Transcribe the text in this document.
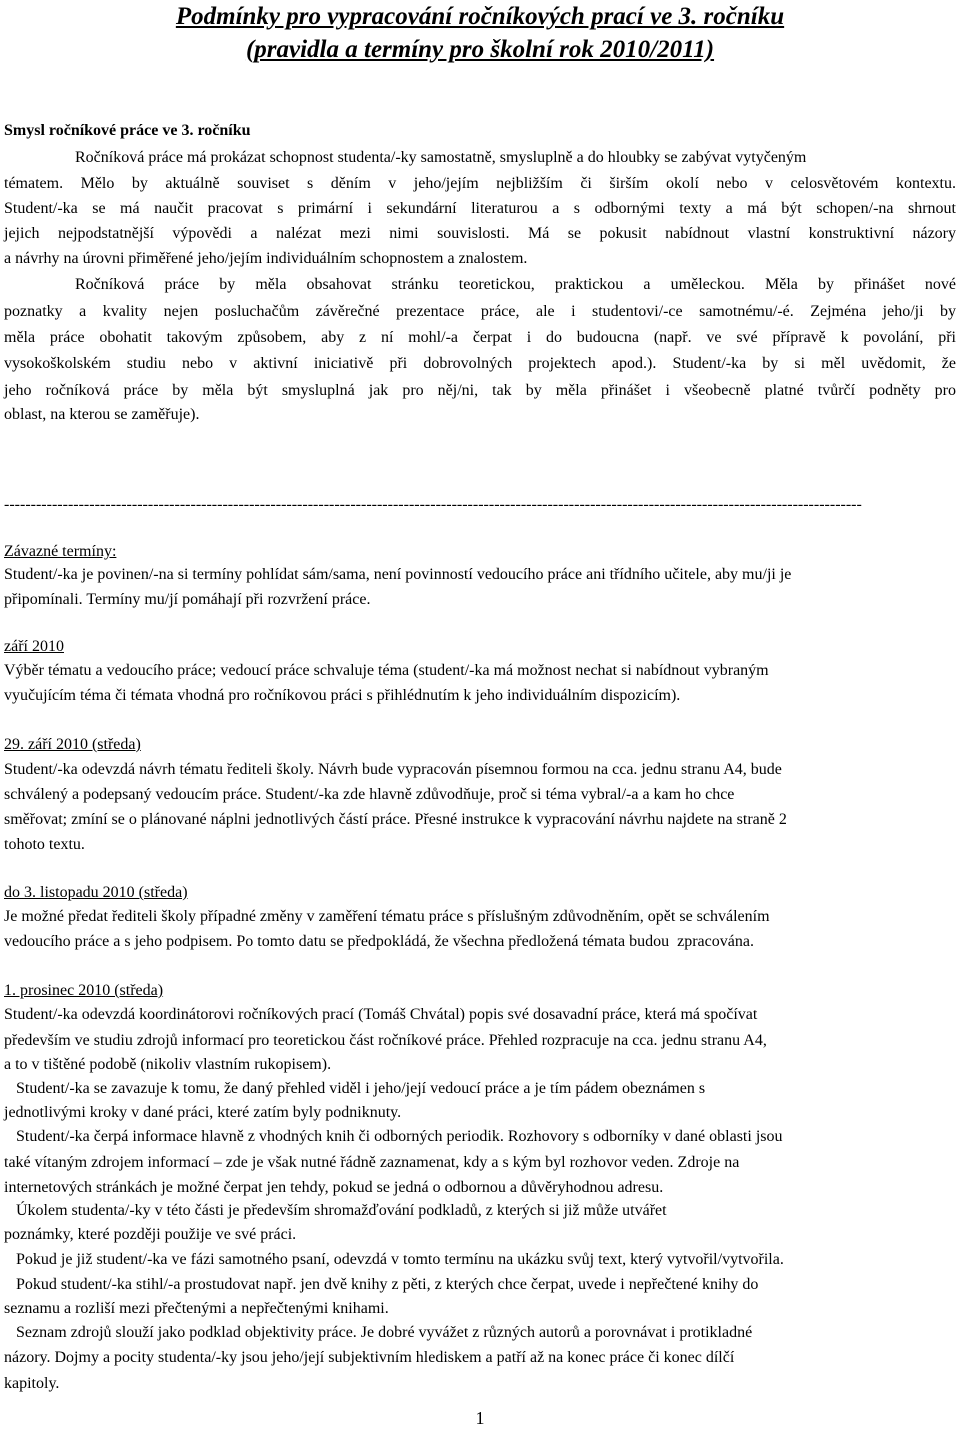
Podmínky pro vypracování ročníkových prací ve 3. ročníku
(pravidla a termíny pro školní rok 2010/2011)
Smysl ročníkové práce ve 3. ročníku
Ročníková práce má prokázat schopnost studenta/-ky samostatně, smysluplně a do hloubky se zabývat vytyčeným
tématem. Mělo by aktuálně souviset s děním v jeho/jejím nejbližším či širším okolí nebo v celosvětovém kontextu.
Student/-ka se má naučit pracovat s primární i sekundární literaturou a s odbornými texty a má být schopen/-na shrnout
jejich nejpodstatnější výpovědi a nalézat mezi nimi souvislosti. Má se pokusit nabídnout vlastní konstruktivní názory
a návrhy na úrovni přiměřené jeho/jejím individuálním schopnostem a znalostem.
Ročníková práce by měla obsahovat stránku teoretickou, praktickou a uměleckou. Měla by přinášet nové
poznatky a kvality nejen posluchačům závěrečné prezentace práce, ale i studentovi/-ce samotnému/-é. Zejména jeho/ji by
měla práce obohatit takovým způsobem, aby z ní mohl/-a čerpat i do budoucna (např. ve své přípravě k povolání, při
vysokoškolském studiu nebo v aktivní iniciativě při dobrovolných projektech apod.). Student/-ka by si měl uvědomit, že
jeho ročníková práce by měla být smysluplná jak pro něj/ni, tak by měla přinášet i všeobecně platné tvůrčí podněty pro
oblast, na kterou se zaměřuje).
-----------------------------------------------------------------------------------------------------------------------------------------------------------------
Závazné termíny:
Student/-ka je povinen/-na si termíny pohlídat sám/sama, není povinností vedoucího práce ani třídního učitele, aby mu/ji je
připomínali. Termíny mu/jí pomáhají při rozvržení práce.
září 2010
Výběr tématu a vedoucího práce; vedoucí práce schvaluje téma (student/-ka má možnost nechat si nabídnout vybraným
vyučujícím téma či témata vhodná pro ročníkovou práci s přihlédnutím k jeho individuálním dispozicím).
29. září 2010 (středa)
Student/-ka odevzdá návrh tématu řediteli školy. Návrh bude vypracován písemnou formou na cca. jednu stranu A4, bude
schválený a podepsaný vedoucím práce. Student/-ka zde hlavně zdůvodňuje, proč si téma vybral/-a a kam ho chce
směřovat; zmíní se o plánované náplni jednotlivých částí práce. Přesné instrukce k vypracování návrhu najdete na straně 2
tohoto textu.
do 3. listopadu 2010 (středa)
Je možné předat řediteli školy případné změny v zaměření tématu práce s příslušným zdůvodněním, opět se schválením
vedoucího práce a s jeho podpisem. Po tomto datu se předpokládá, že všechna předložená témata budou  zpracována.
1. prosinec 2010 (středa)
Student/-ka odevzdá koordinátorovi ročníkových prací (Tomáš Chvátal) popis své dosavadní práce, která má spočívat
především ve studiu zdrojů informací pro teoretickou část ročníkové práce. Přehled rozpracuje na cca. jednu stranu A4,
a to v tištěné podobě (nikoliv vlastním rukopisem).
Student/-ka se zavazuje k tomu, že daný přehled viděl i jeho/její vedoucí práce a je tím pádem obeznámen s
jednotlivými kroky v dané práci, které zatím byly podniknuty.
Student/-ka čerpá informace hlavně z vhodných knih či odborných periodik. Rozhovory s odborníky v dané oblasti jsou
také vítaným zdrojem informací – zde je však nutné řádně zaznamenat, kdy a s kým byl rozhovor veden. Zdroje na
internetových stránkách je možné čerpat jen tehdy, pokud se jedná o odbornou a důvěryhodnou adresu.
Úkolem studenta/-ky v této části je především shromažďování podkladů, z kterých si již může utvářet
poznámky, které později použije ve své práci.
Pokud je již student/-ka ve fázi samotného psaní, odevzdá v tomto termínu na ukázku svůj text, který vytvořil/vytvořila.
Pokud student/-ka stihl/-a prostudovat např. jen dvě knihy z pěti, z kterých chce čerpat, uvede i nepřečtené knihy do
seznamu a rozliší mezi přečtenými a nepřečtenými knihami.
Seznam zdrojů slouží jako podklad objektivity práce. Je dobré vyvážet z různých autorů a porovnávat i protikladné
názory. Dojmy a pocity studenta/-ky jsou jeho/její subjektivním hlediskem a patří až na konec práce či konec dílčí
kapitoly.
1
